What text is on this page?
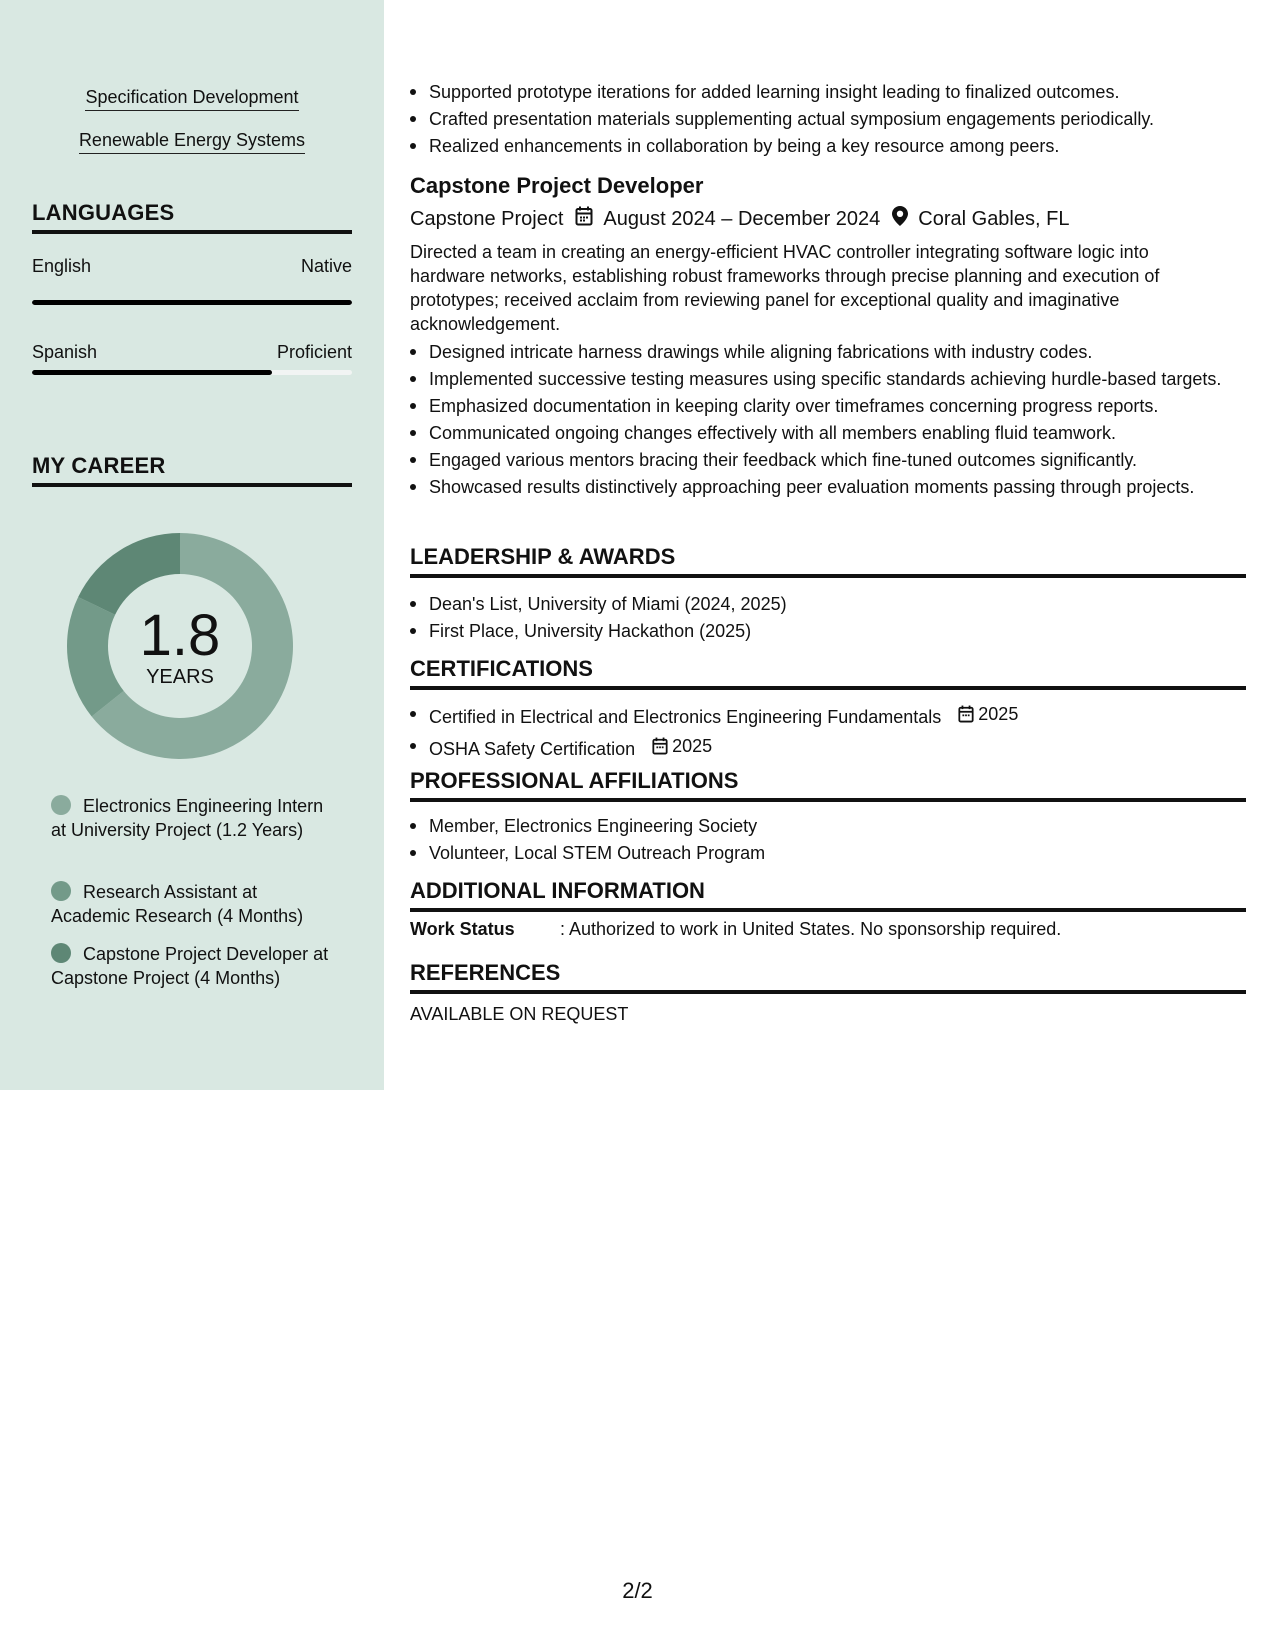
Specification Development
Renewable Energy Systems
LANGUAGES
English	Native
Spanish	Proficient
MY CAREER
1.8
YEARS
Electronics Engineering Intern at University Project (1.2 Years)
Research Assistant at Academic Research (4 Months)
Capstone Project Developer at Capstone Project (4 Months)
Supported prototype iterations for added learning insight leading to finalized outcomes.
Crafted presentation materials supplementing actual symposium engagements periodically.
Realized enhancements in collaboration by being a key resource among peers.
Capstone Project Developer
Capstone Project August 2024 – December 2024 Coral Gables, FL
Directed a team in creating an energy-efficient HVAC controller integrating software logic into hardware networks, establishing robust frameworks through precise planning and execution of prototypes; received acclaim from reviewing panel for exceptional quality and imaginative acknowledgement.
Designed intricate harness drawings while aligning fabrications with industry codes.
Implemented successive testing measures using specific standards achieving hurdle-based targets.
Emphasized documentation in keeping clarity over timeframes concerning progress reports.
Communicated ongoing changes effectively with all members enabling fluid teamwork.
Engaged various mentors bracing their feedback which fine-tuned outcomes significantly.
Showcased results distinctively approaching peer evaluation moments passing through projects.
LEADERSHIP & AWARDS
Dean's List, University of Miami (2024, 2025)
First Place, University Hackathon (2025)
CERTIFICATIONS
Certified in Electrical and Electronics Engineering Fundamentals 2025
OSHA Safety Certification 2025
PROFESSIONAL AFFILIATIONS
Member, Electronics Engineering Society
Volunteer, Local STEM Outreach Program
ADDITIONAL INFORMATION
Work Status	: Authorized to work in United States. No sponsorship required.
REFERENCES
AVAILABLE ON REQUEST
2/2
